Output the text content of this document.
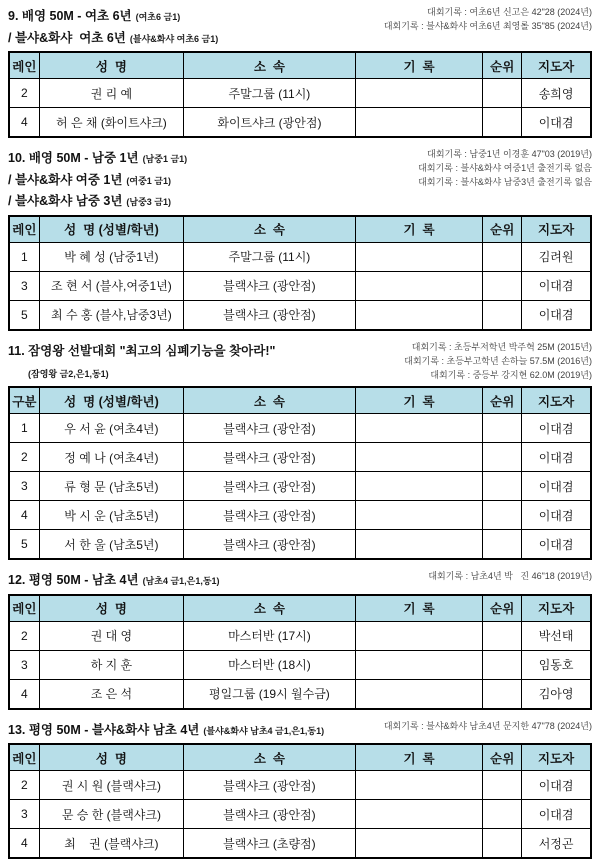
9. 배영 50M - 여초 6년 (여초6 금1)
/ 블샤&화샤  여초 6년 (블샤&화샤 여초6 금1)
대회기록 : 여초6년 신고은 42"28 (2024년)
대회기록 : 블샤&화샤 여초6년 최영롤 35"85 (2024년)
레인	성  명	소  속	기  록	순위	지도자
2	권 리 예	주말그룹 (11시)			송희영
4	허 은 채 (화이트샤크)	화이트샤크 (광안점)			이대겸
10. 배영 50M - 남중 1년 (남중1 금1)
/ 블샤&화샤 여중 1년 (여중1 금1)
/ 블샤&화샤 남중 3년 (남중3 금1)
대회기록 : 남중1년 이경훈 47"03 (2019년)
대회기록 : 블샤&화샤 여중1년 출전기록 없음
대회기록 : 블샤&화샤 남중3년 출전기록 없음
레인	성  명 (성별/학년)	소  속	기  록	순위	지도자
1	박 혜 성 (남중1년)	주말그룹 (11시)			김려원
3	조 현 서 (블샤,여중1년)	블랙샤크 (광안점)			이대겸
5	최 수 홍 (블샤,남중3년)	블랙샤크 (광안점)			이대겸
11. 잠영왕 선발대회 "최고의 심폐기능을 찾아라!"
(잠영왕 금2,은1,동1)
대회기록 : 초등부저학년 박주혁 25M (2015년)
대회기록 : 초등부고학년 손하늘 57.5M (2016년)
대회기록 : 중등부 강지현 62.0M (2019년)
구분	성  명 (성별/학년)	소  속	기  록	순위	지도자
1	우 서 윤 (여초4년)	블랙샤크 (광안점)			이대겸
2	정 예 나 (여초4년)	블랙샤크 (광안점)			이대겸
3	류 형 문 (남초5년)	블랙샤크 (광안점)			이대겸
4	박 시 운 (남초5년)	블랙샤크 (광안점)			이대겸
5	서 한 울 (남초5년)	블랙샤크 (광안점)			이대겸
12. 평영 50M - 남초 4년 (남초4 금1,은1,동1)	대회기록 : 남초4년 박   진 46"18 (2019년)
레인	성  명	소  속	기  록	순위	지도자
2	권 대 영	마스터반 (17시)			박선태
3	하 지 훈	마스터반 (18시)			임동호
4	조 은 석	평일그룹 (19시 월수금)			김아영
13. 평영 50M - 블샤&화샤 남초 4년 (블샤&화샤 남초4 금1,은1,동1)	대회기록 : 블샤&화샤 남초4년 문지한 47"78 (2024년)
레인	성  명	소  속	기  록	순위	지도자
2	권 시 원 (블랙샤크)	블랙샤크 (광안점)			이대겸
3	문 승 한 (블랙샤크)	블랙샤크 (광안점)			이대겸
4	최    권 (블랙샤크)	블랙샤크 (초량점)			서정곤
